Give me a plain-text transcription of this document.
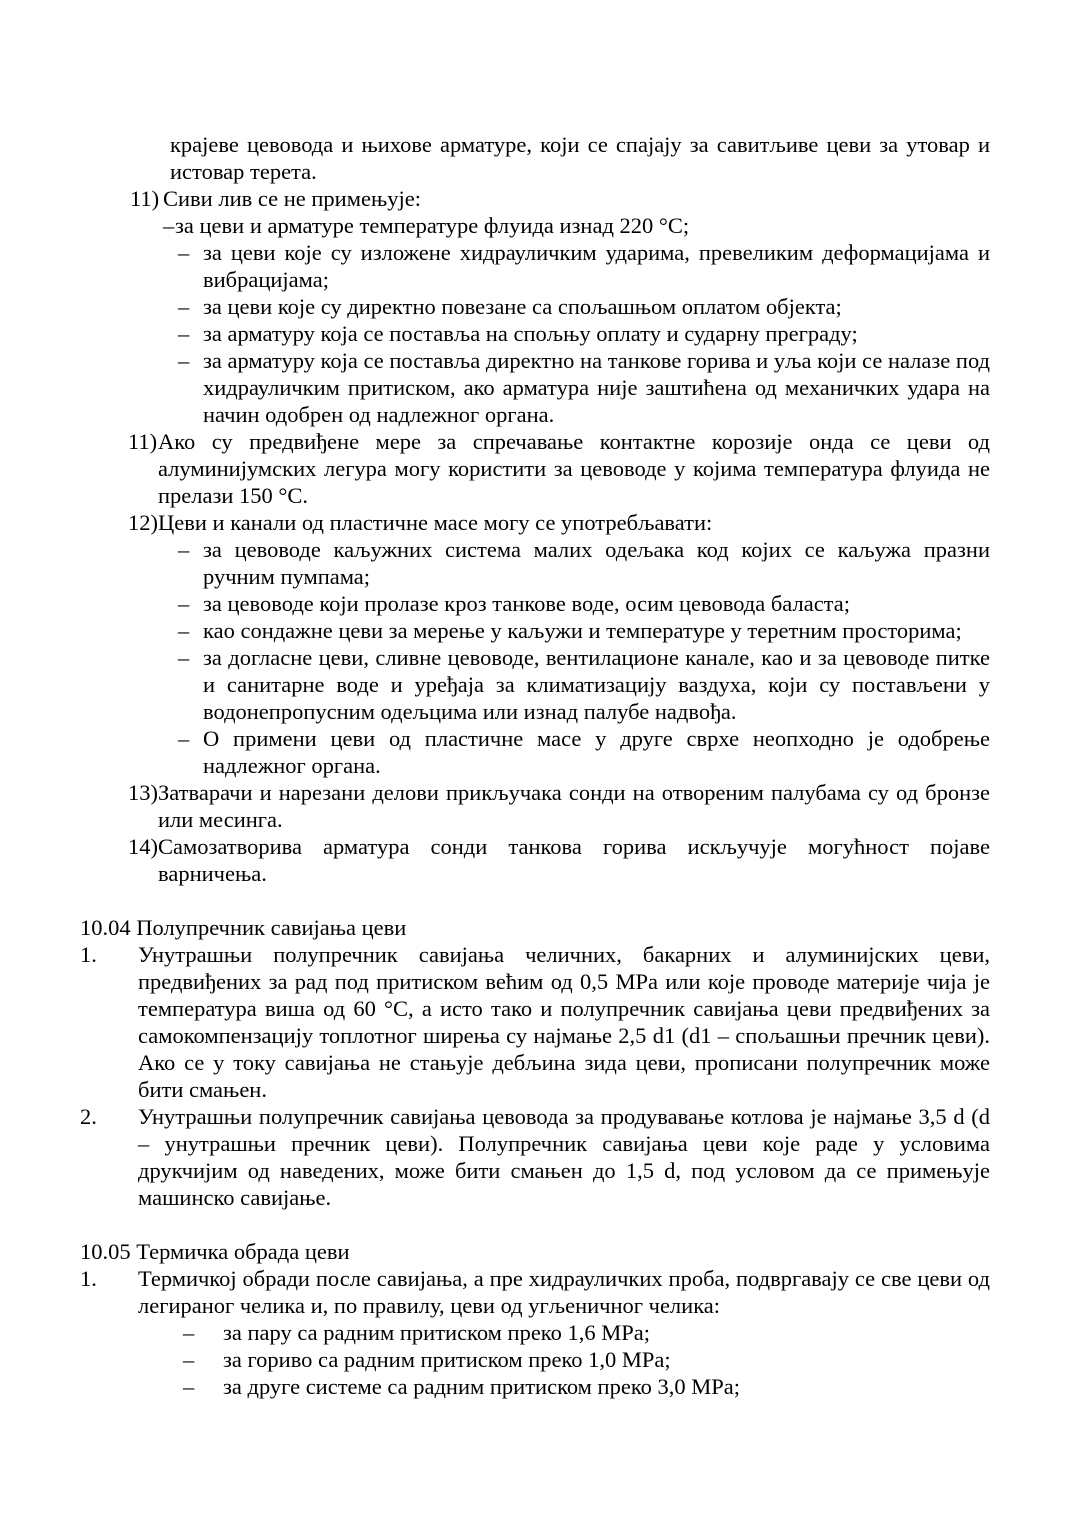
крајеве цевовода и њихове арматуре, који се спајају за савитљиве цеви за утовар и истовар терета.
11) Сиви лив се не примењује:
– за цеви и арматуре температуре флуида изнад 220 °C;
– за цеви које су изложене хидрауличким ударима, превеликим деформацијама и вибрацијама;
– за цеви које су директно повезане са спољашњом оплатом објекта;
– за арматуру која се поставља на спољњу оплату и сударну преграду;
– за арматуру која се поставља директно на танкове горива и уља који се налазе под хидрауличким притиском, ако арматура није заштићена од механичких удара на начин одобрен од надлежног органа.
11) Ако су предвиђене мере за спречавање контактне корозије онда се цеви од алуминијумских легура могу користити за цевоводе у којима температура флуида не прелази 150 °C.
12) Цеви и канали од пластичне масе могу се употребљавати:
– за цевоводе каљужних система малих одељака код којих се каљужа празни ручним пумпама;
– за цевоводе који пролазе кроз танкове воде, осим цевовода баласта;
– као сондажне цеви за мерење у каљужи и температуре у теретним просторима;
– за догласне цеви, сливне цевоводе, вентилационе канале, као и за цевоводе питке и санитарне воде и уређаја за климатизацију ваздуха, који су постављени у водонепропусним одељцима или изнад палубе надвођа.
– О примени цеви од пластичне масе у друге сврхе неопходно је одобрење надлежног органа.
13) Затварачи и нарезани делови прикључака сонди на отвореним палубама су од бронзе или месинга.
14) Самозатворива арматура сонди танкова горива искључује могућност појаве варничења.
10.04 Полупречник савијања цеви
1. Унутрашњи полупречник савијања челичних, бакарних и алуминијских цеви, предвиђених за рад под притиском већим од 0,5 MPa или које проводе материје чија је температура виша од 60 °C, а исто тако и полупречник савијања цеви предвиђених за самокомпензацију топлотног ширења су најмање 2,5 d1 (d1 – спољашњи пречник цеви). Ако се у току савијања не стањује дебљина зида цеви, прописани полупречник може бити смањен.
2. Унутрашњи полупречник савијања цевовода за продувавање котлова је најмање 3,5 d (d – унутрашњи пречник цеви). Полупречник савијања цеви које раде у условима друкчијим од наведених, може бити смањен до 1,5 d, под условом да се примењује машинско савијање.
10.05 Термичка обрада цеви
1. Термичкој обради после савијања, а пре хидрауличких проба, подвргавају се све цеви од легираног челика и, по правилу, цеви од угљеничног челика:
– за пару са радним притиском преко 1,6 MPa;
– за гориво са радним притиском преко 1,0 MPa;
– за друге системе са радним притиском преко 3,0 MPa;
